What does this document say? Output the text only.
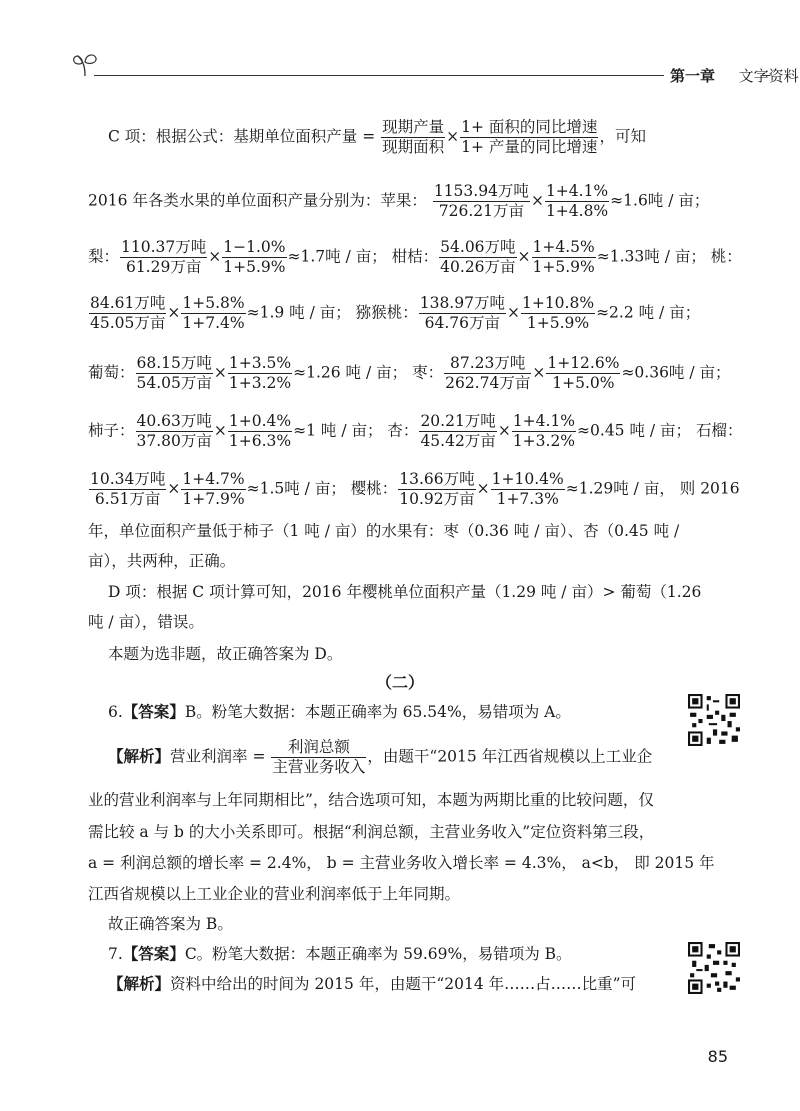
第一章 文字资料
C 项：根据公式：基期单位面积产量 = $\frac{\text{现期产量}}{\text{现期面积}} \times \frac{\text{1+ 面积的同比增速}}{\text{1+ 产量的同比增速}}$ ，可知
2016 年各类水果的单位面积产量分别为：苹果： $\frac{\text{1153.94万吨}}{\text{726.21万亩}} \times \frac{1+4.1\%}{1+4.8\%} \approx 1.6$吨 / 亩；
梨： $\frac{\text{110.37万吨}}{\text{61.29万亩}} \times \frac{1-1.0\%}{1+5.9\%} \approx 1.7$吨 / 亩； 柑桔： $\frac{\text{54.06万吨}}{\text{40.26万亩}} \times \frac{1+4.5\%}{1+5.9\%} \approx 1.33$吨 / 亩； 桃：
$\frac{\text{84.61万吨}}{\text{45.05万亩}} \times \frac{1+5.8\%}{1+7.4\%} \approx 1.9$ 吨 / 亩； 猕猴桃： $\frac{\text{138.97万吨}}{\text{64.76万亩}} \times \frac{1+10.8\%}{1+5.9\%} \approx 2.2$ 吨 / 亩；
葡萄： $\frac{\text{68.15万吨}}{\text{54.05万亩}} \times \frac{1+3.5\%}{1+3.2\%} \approx 1.26$ 吨 / 亩； 枣： $\frac{\text{87.23万吨}}{\text{262.74万亩}} \times \frac{1+12.6\%}{1+5.0\%} \approx 0.36$吨 / 亩；
柿子： $\frac{\text{40.63万吨}}{\text{37.80万亩}} \times \frac{1+0.4\%}{1+6.3\%} \approx 1$ 吨 / 亩； 杏： $\frac{\text{20.21万吨}}{\text{45.42万亩}} \times \frac{1+4.1\%}{1+3.2\%} \approx 0.45$ 吨 / 亩； 石榴：
$\frac{\text{10.34万吨}}{\text{6.51万亩}} \times \frac{1+4.7\%}{1+7.9\%} \approx 1.5$吨 / 亩； 樱桃： $\frac{\text{13.66万吨}}{\text{10.92万亩}} \times \frac{1+10.4\%}{1+7.3\%} \approx 1.29$吨 / 亩， 则 2016
年，单位面积产量低于柿子（1 吨 / 亩）的水果有：枣（0.36 吨 / 亩）、杏（0.45 吨 /
亩），共两种，正确。
D 项：根据 C 项计算可知，2016 年樱桃单位面积产量（1.29 吨 / 亩）> 葡萄（1.26
吨 / 亩），错误。
本题为选非题，故正确答案为 D。
（二）
6.【答案】B。粉笔大数据：本题正确率为 65.54%，易错项为 A。
【解析】营业利润率 = $\frac{\text{利润总额}}{\text{主营业务收入}}$ ，由题干“2015 年江西省规模以上工业企
业的营业利润率与上年同期相比”，结合选项可知，本题为两期比重的比较问题，仅
需比较 a 与 b 的大小关系即可。根据“利润总额，主营业务收入”定位资料第三段，
a = 利润总额的增长率 = 2.4%， b = 主营业务收入增长率 = 4.3%， a<b， 即 2015 年
江西省规模以上工业企业的营业利润率低于上年同期。
故正确答案为 B。
7.【答案】C。粉笔大数据：本题正确率为 59.69%，易错项为 B。
【解析】资料中给出的时间为 2015 年，由题干“2014 年……占……比重”可
85
